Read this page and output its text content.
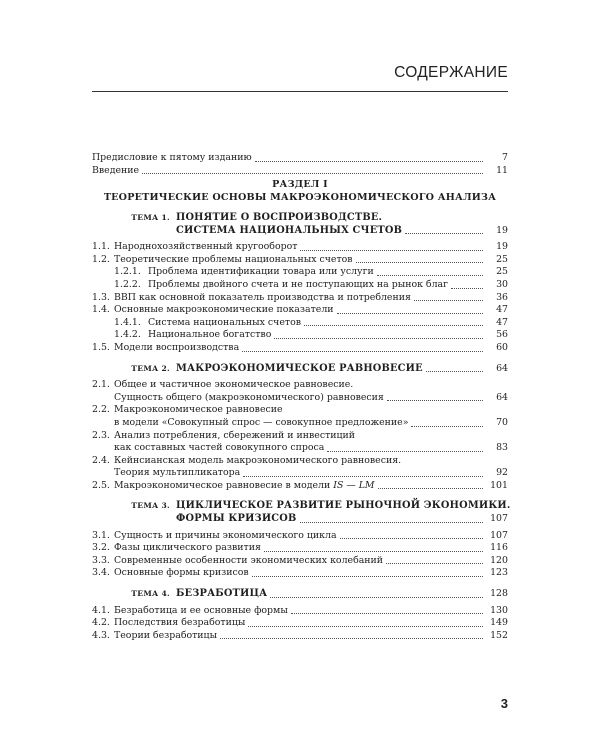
СОДЕРЖАНИЕ
Предисловие к пятому изданию	7
Введение	11
РАЗДЕЛ I
ТЕОРЕТИЧЕСКИЕ ОСНОВЫ МАКРОЭКОНОМИЧЕСКОГО АНАЛИЗА
ТЕМА 1. ПОНЯТИЕ О ВОСПРОИЗВОДСТВЕ.
СИСТЕМА НАЦИОНАЛЬНЫХ СЧЕТОВ	19
1.1. Народнохозяйственный кругооборот	19
1.2. Теоретические проблемы национальных счетов	25
1.2.1. Проблема идентификации товара или услуги	25
1.2.2. Проблемы двойного счета и не поступающих на рынок благ	30
1.3. ВВП как основной показатель производства и потребления	36
1.4. Основные макроэкономические показатели	47
1.4.1. Система национальных счетов	47
1.4.2. Национальное богатство	56
1.5. Модели воспроизводства	60
ТЕМА 2. МАКРОЭКОНОМИЧЕСКОЕ РАВНОВЕСИЕ	64
2.1. Общее и частичное экономическое равновесие.
Сущность общего (макроэкономического) равновесия	64
2.2. Макроэкономическое равновесие
в модели «Совокупный спрос — совокупное предложение»	70
2.3. Анализ потребления, сбережений и инвестиций
как составных частей совокупного спроса	83
2.4. Кейнсианская модель макроэкономического равновесия.
Теория мультипликатора	92
2.5. Макроэкономическое равновесие в модели IS — LM	101
ТЕМА 3. ЦИКЛИЧЕСКОЕ РАЗВИТИЕ РЫНОЧНОЙ ЭКОНОМИКИ.
ФОРМЫ КРИЗИСОВ	107
3.1. Сущность и причины экономического цикла	107
3.2. Фазы циклического развития	116
3.3. Современные особенности экономических колебаний	120
3.4. Основные формы кризисов	123
ТЕМА 4. БЕЗРАБОТИЦА	128
4.1. Безработица и ее основные формы	130
4.2. Последствия безработицы	149
4.3. Теории безработицы	152
3
